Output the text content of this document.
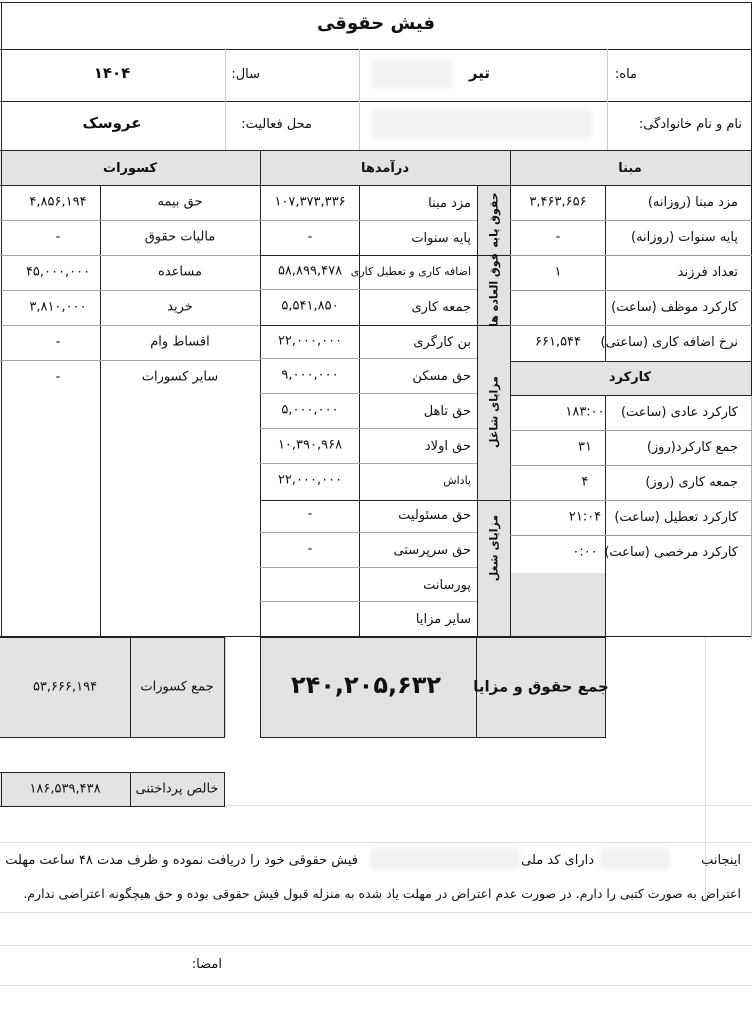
فیش حقوقی
ماه:
تیر
سال:
۱۴۰۴
نام و نام خانوادگی:
محل فعالیت:
عروسک
مبنا
درآمدها
کسورات
کارکرد
حقوق پایه
فوق العاده ها
مزایای شاغل
مزایای شغل
مزد مبنا (روزانه)
۳,۴۶۳,۶۵۶
پایه سنوات (روزانه)
-
تعداد فرزند
۱
کارکرد موظف (ساعت)
نرخ اضافه کاری (ساعتی)
۶۶۱,۵۴۴
کارکرد عادی (ساعت)
۱۸۳:۰۰
جمع کارکرد(روز)
۳۱
جمعه کاری (روز)
۴
کارکرد تعطیل (ساعت)
۲۱:۰۴
کارکرد مرخصی (ساعت)
۰:۰۰
مزد مبنا
۱۰۷,۳۷۳,۳۳۶
پایه سنوات
-
اضافه کاری و تعطیل کاری
۵۸,۸۹۹,۴۷۸
جمعه کاری
۵,۵۴۱,۸۵۰
بن کارگری
۲۲,۰۰۰,۰۰۰
حق مسکن
۹,۰۰۰,۰۰۰
حق تاهل
۵,۰۰۰,۰۰۰
حق اولاد
۱۰,۳۹۰,۹۶۸
پاداش
۲۲,۰۰۰,۰۰۰
حق مسئولیت
-
حق سرپرستی
-
پورسانت
سایر مزایا
حق بیمه
۴,۸۵۶,۱۹۴
مالیات حقوق
-
مساعده
۴۵,۰۰۰,۰۰۰
خرید
۳,۸۱۰,۰۰۰
اقساط وام
-
سایر کسورات
-
جمع کسورات
۵۳,۶۶۶,۱۹۴	جمع حقوق و مزایا
۲۴۰,۲۰۵,۶۳۲
خالص پرداختنی
۱۸۶,۵۳۹,۴۳۸
اینجانب
دارای کد ملی
فیش حقوقی خود را دریافت نموده و ظرف مدت ۴۸ ساعت مهلت
اعتراض به صورت کتبی را دارم. در صورت عدم اعتراض در مهلت یاد شده به منزله قبول فیش حقوقی بوده و حق هیچگونه اعتراضی ندارم.
امضا:
